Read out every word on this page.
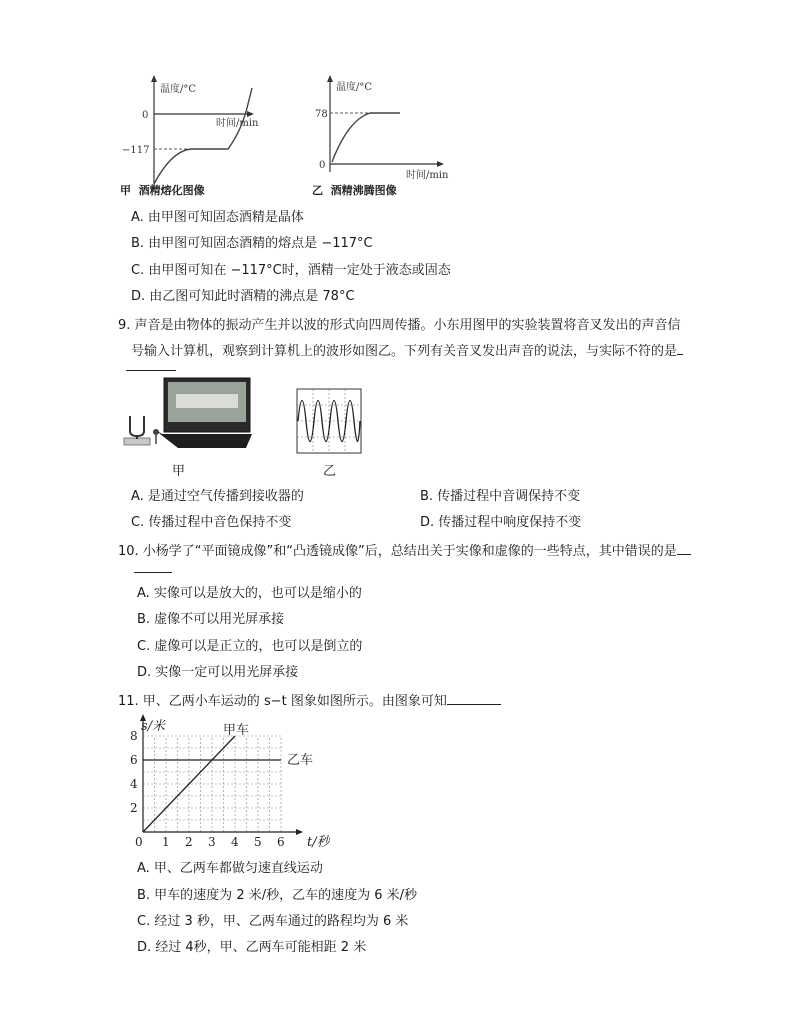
温度/°C
时间/min
0
−117
甲 酒精熔化图像
温度/°C
时间/min
78
0
乙 酒精沸腾图像
A. 由甲图可知固态酒精是晶体
B. 由甲图可知固态酒精的熔点是 −117°C
C. 由甲图可知在 −117°C时，酒精一定处于液态或固态
D. 由乙图可知此时酒精的沸点是 78°C
9. 声音是由物体的振动产生并以波的形式向四周传播。小东用图甲的实验装置将音叉发出的声音信
号输入计算机，观察到计算机上的波形如图乙。下列有关音叉发出声音的说法，与实际不符的是
甲	乙
A. 是通过空气传播到接收器的	B. 传播过程中音调保持不变
C. 传播过程中音色保持不变	D. 传播过程中响度保持不变
10. 小杨学了“平面镜成像”和“凸透镜成像”后，总结出关于实像和虚像的一些特点，其中错误的是
A. 实像可以是放大的，也可以是缩小的
B. 虚像不可以用光屏承接
C. 虚像可以是正立的，也可以是倒立的
D. 实像一定可以用光屏承接
11. 甲、乙两小车运动的 s−t 图象如图所示。由图象可知
0 1 2 3 4 5 6
2
4
6
8	甲车
乙车
s/米
t/秒
A. 甲、乙两车都做匀速直线运动
B. 甲车的速度为 2 米/秒，乙车的速度为 6 米/秒
C. 经过 3 秒，甲、乙两车通过的路程均为 6 米
D. 经过 4秒，甲、乙两车可能相距 2 米
